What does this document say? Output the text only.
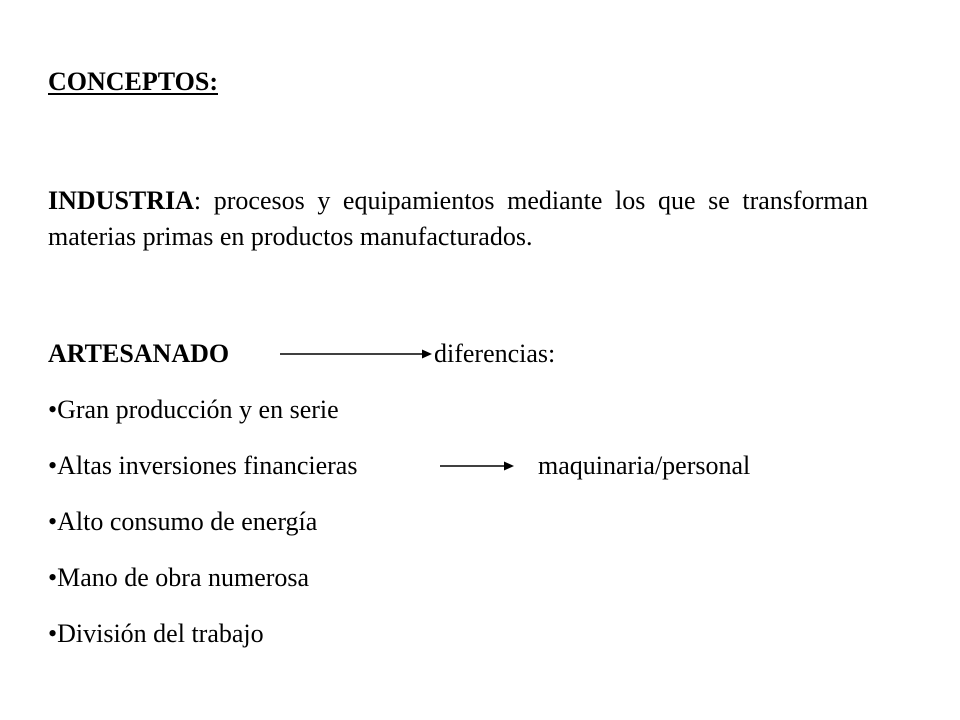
CONCEPTOS:

INDUSTRIA: procesos y equipamientos mediante los que se transforman materias primas en productos manufacturados.

ARTESANADO	diferencias:
•Gran producción y en serie
•Altas inversiones financieras
•Alto consumo de energía
•Mano de obra numerosa
•División del trabajo
maquinaria/personal
